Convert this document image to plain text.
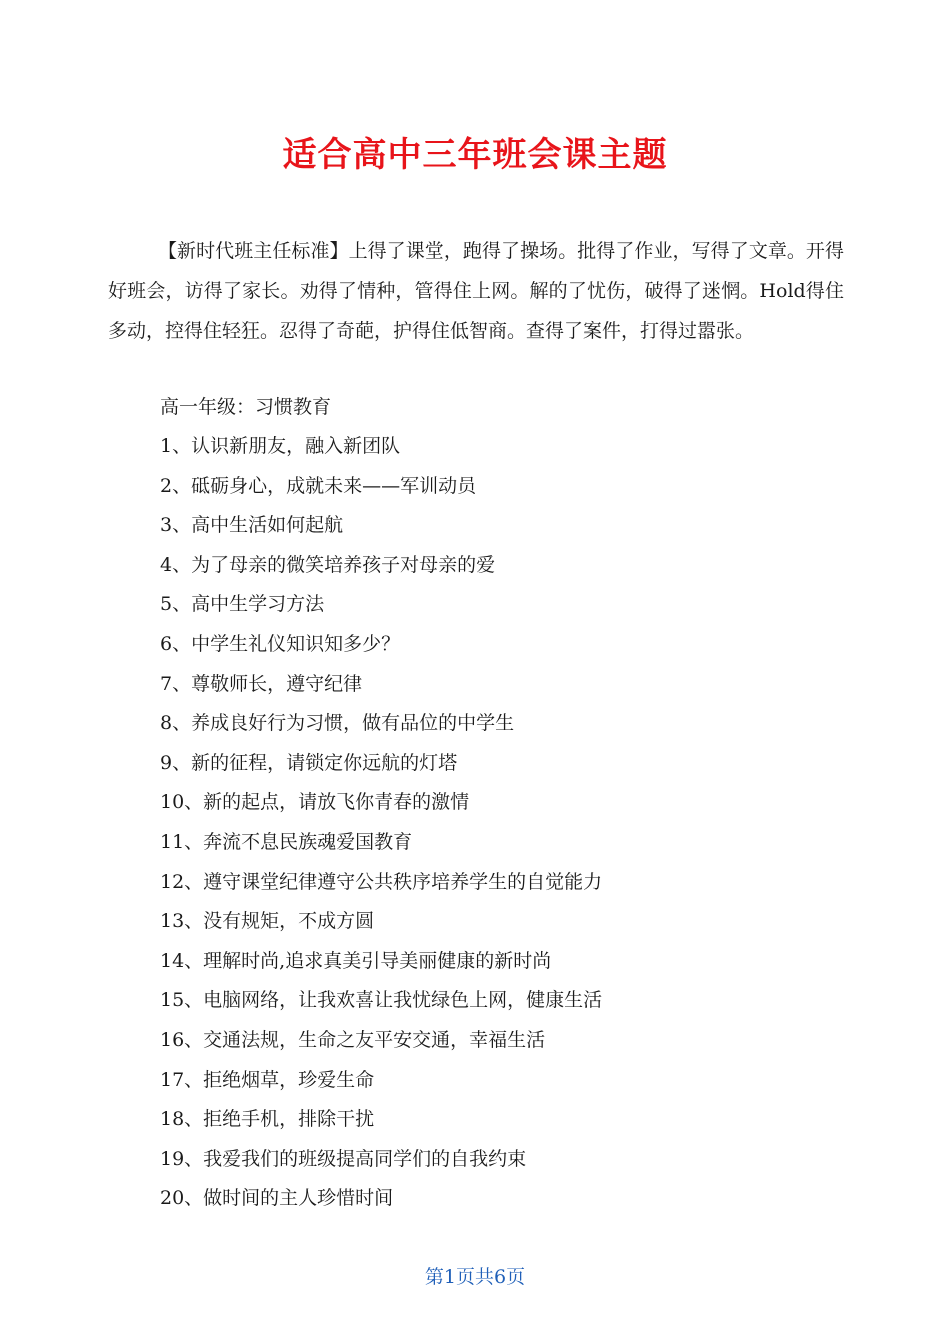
适合高中三年班会课主题

【新时代班主任标准】上得了课堂，跑得了操场。批得了作业，写得了文章。开得好班会，访得了家长。劝得了情种，管得住上网。解的了忧伤，破得了迷惘。Hold得住多动，控得住轻狂。忍得了奇葩，护得住低智商。查得了案件，打得过嚣张。

高一年级：习惯教育

1、认识新朋友，融入新团队
2、砥砺身心，成就未来——军训动员
3、高中生活如何起航
4、为了母亲的微笑培养孩子对母亲的爱
5、高中生学习方法
6、中学生礼仪知识知多少？
7、尊敬师长，遵守纪律
8、养成良好行为习惯，做有品位的中学生
9、新的征程，请锁定你远航的灯塔
10、新的起点，请放飞你青春的激情
11、奔流不息民族魂爱国教育
12、遵守课堂纪律遵守公共秩序培养学生的自觉能力
13、没有规矩，不成方圆
14、理解时尚,追求真美引导美丽健康的新时尚
15、电脑网络，让我欢喜让我忧绿色上网，健康生活
16、交通法规，生命之友平安交通，幸福生活
17、拒绝烟草，珍爱生命
18、拒绝手机，排除干扰
19、我爱我们的班级提高同学们的自我约束
20、做时间的主人珍惜时间
第1页共6页
